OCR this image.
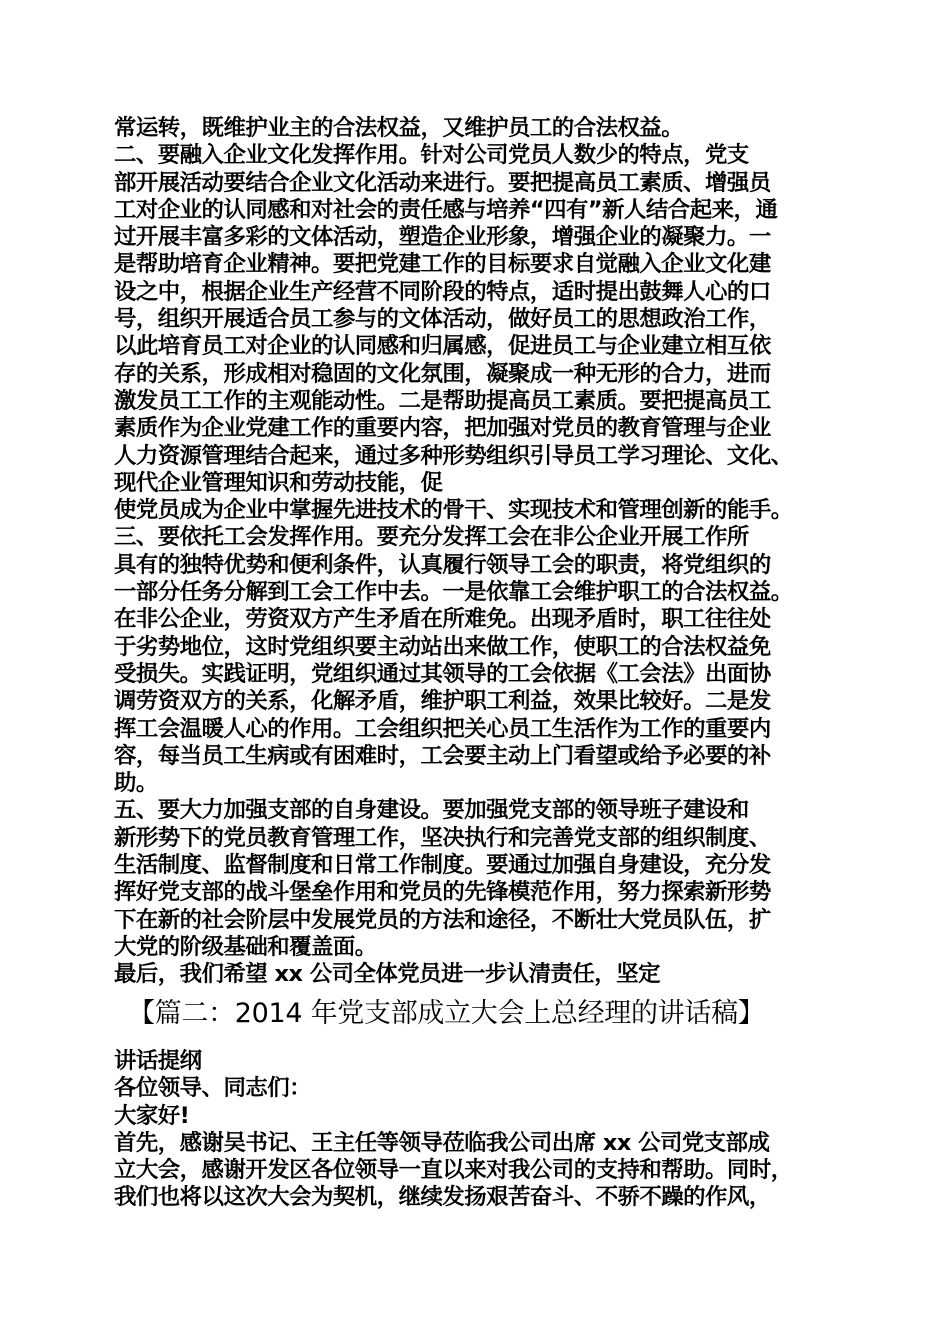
常运转，既维护业主的合法权益，又维护员工的合法权益。
二、要融入企业文化发挥作用。针对公司党员人数少的特点，党支
部开展活动要结合企业文化活动来进行。要把提高员工素质、增强员
工对企业的认同感和对社会的责任感与培养“四有”新人结合起来，通
过开展丰富多彩的文体活动，塑造企业形象，增强企业的凝聚力。一
是帮助培育企业精神。要把党建工作的目标要求自觉融入企业文化建
设之中，根据企业生产经营不同阶段的特点，适时提出鼓舞人心的口
号，组织开展适合员工参与的文体活动，做好员工的思想政治工作，
以此培育员工对企业的认同感和归属感，促进员工与企业建立相互依
存的关系，形成相对稳固的文化氛围，凝聚成一种无形的合力，进而
激发员工工作的主观能动性。二是帮助提高员工素质。要把提高员工
素质作为企业党建工作的重要内容，把加强对党员的教育管理与企业
人力资源管理结合起来，通过多种形势组织引导员工学习理论、文化、
现代企业管理知识和劳动技能，促
使党员成为企业中掌握先进技术的骨干、实现技术和管理创新的能手。
三、要依托工会发挥作用。要充分发挥工会在非公企业开展工作所
具有的独特优势和便利条件，认真履行领导工会的职责，将党组织的
一部分任务分解到工会工作中去。一是依靠工会维护职工的合法权益。
在非公企业，劳资双方产生矛盾在所难免。出现矛盾时，职工往往处
于劣势地位，这时党组织要主动站出来做工作，使职工的合法权益免
受损失。实践证明，党组织通过其领导的工会依据《工会法》出面协
调劳资双方的关系，化解矛盾，维护职工利益，效果比较好。二是发
挥工会温暖人心的作用。工会组织把关心员工生活作为工作的重要内
容，每当员工生病或有困难时，工会要主动上门看望或给予必要的补
助。
五、要大力加强支部的自身建设。要加强党支部的领导班子建设和
新形势下的党员教育管理工作，坚决执行和完善党支部的组织制度、
生活制度、监督制度和日常工作制度。要通过加强自身建设，充分发
挥好党支部的战斗堡垒作用和党员的先锋模范作用，努力探索新形势
下在新的社会阶层中发展党员的方法和途径，不断壮大党员队伍，扩
大党的阶级基础和覆盖面。
最后，我们希望 xx 公司全体党员进一步认清责任，坚定
【篇二：2014 年党支部成立大会上总经理的讲话稿】
讲话提纲
各位领导、同志们：
大家好!
首先，感谢吴书记、王主任等领导莅临我公司出席 xx 公司党支部成
立大会，感谢开发区各位领导一直以来对我公司的支持和帮助。同时，
我们也将以这次大会为契机，继续发扬艰苦奋斗、不骄不躁的作风，
